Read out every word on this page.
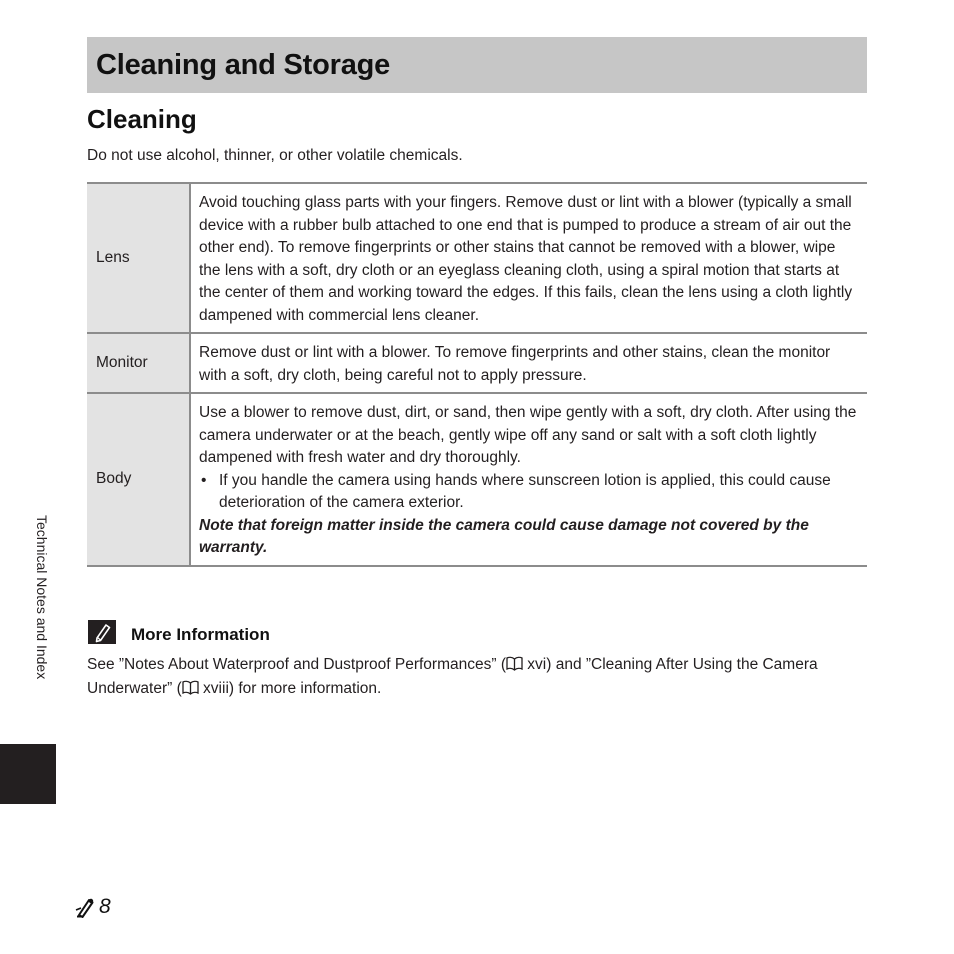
Cleaning and Storage
Cleaning

Do not use alcohol, thinner, or other volatile chemicals.

Lens	Avoid touching glass parts with your fingers. Remove dust or lint with a blower (typically a small device with a rubber bulb attached to one end that is pumped to produce a stream of air out the other end). To remove fingerprints or other stains that cannot be removed with a blower, wipe the lens with a soft, dry cloth or an eyeglass cleaning cloth, using a spiral motion that starts at the center of them and working toward the edges. If this fails, clean the lens using a cloth lightly dampened with commercial lens cleaner.

Monitor	Remove dust or lint with a blower. To remove fingerprints and other stains, clean the monitor with a soft, dry cloth, being careful not to apply pressure.

Body	Use a blower to remove dust, dirt, or sand, then wipe gently with a soft, dry cloth. After using the camera underwater or at the beach, gently wipe off any sand or salt with a soft cloth lightly dampened with fresh water and dry thoroughly.

• If you handle the camera using hands where sunscreen lotion is applied, this could cause deterioration of the camera exterior.

Note that foreign matter inside the camera could cause damage not covered by the warranty.

More Information

See ”Notes About Waterproof and Dustproof Performances” ( xvi) and ”Cleaning After Using the Camera Underwater” ( xviii) for more information.

Technical Notes and Index
8
